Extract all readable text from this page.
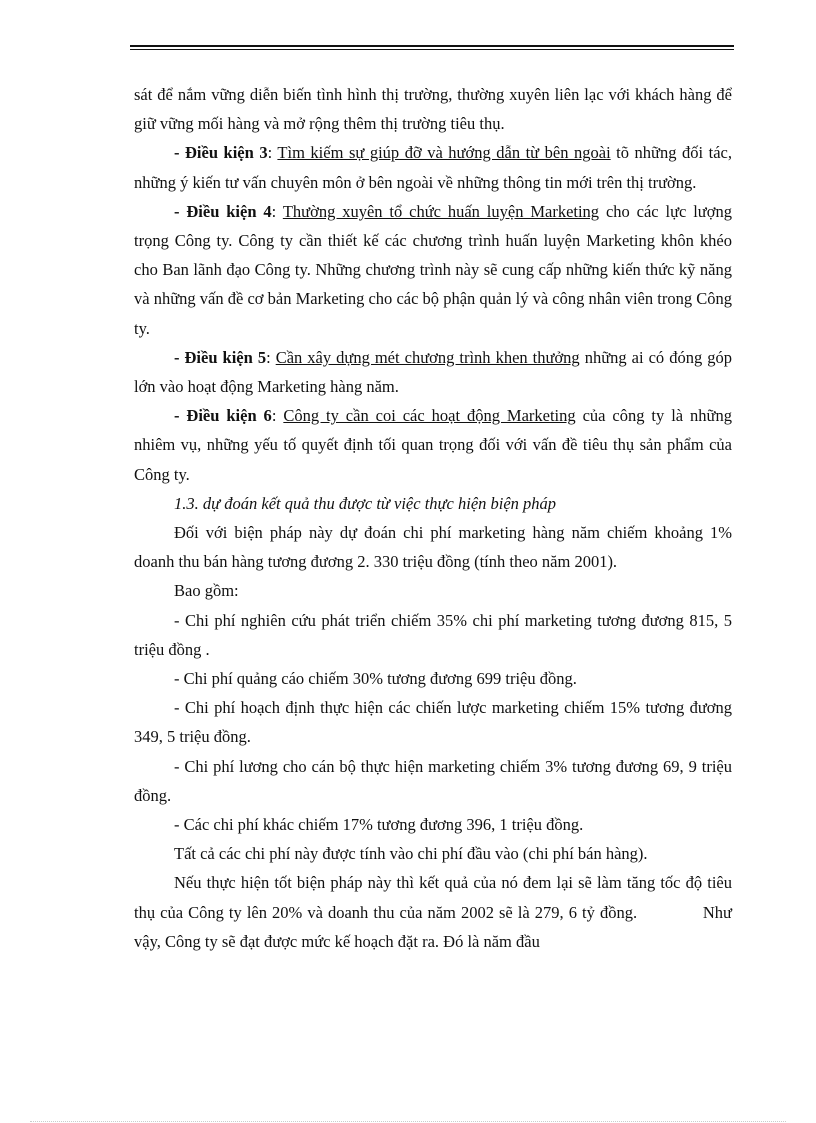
sát để nắm vững diễn biến tình hình thị trường, thường xuyên liên lạc với khách hàng để giữ vững mối hàng và mở rộng thêm thị trường tiêu thụ.

- Điều kiện 3: Tìm kiếm sự giúp đỡ và hướng dẫn từ bên ngoài tõ những đối tác, những ý kiến tư vấn chuyên môn ở bên ngoài về những thông tin mới trên thị trường.

- Điều kiện 4: Thường xuyên tổ chức huấn luyện Marketing cho các lực lượng trọng Công ty. Công ty cần thiết kế các chương trình huấn luyện Marketing khôn khéo cho Ban lãnh đạo Công ty. Những chương trình này sẽ cung cấp những kiến thức kỹ năng và những vấn đề cơ bản Marketing cho các bộ phận quản lý và công nhân viên trong Công ty.

- Điều kiện 5: Cần xây dựng mét chương trình khen thưởng những ai có đóng góp lớn vào hoạt động Marketing hàng năm.

- Điều kiện 6: Công ty cần coi các hoạt động Marketing của công ty là những nhiêm vụ, những yếu tố quyết định tối quan trọng đối với vấn đề tiêu thụ sản phẩm của Công ty.

1.3. dự đoán kết quả thu được từ việc thực hiện biện pháp

Đối với biện pháp này dự đoán chi phí marketing hàng năm chiếm khoảng 1% doanh thu bán hàng tương đương 2. 330 triệu đồng (tính theo năm 2001).

Bao gồm:

- Chi phí nghiên cứu phát triển chiếm 35% chi phí marketing tương đương 815, 5 triệu đồng .

- Chi phí quảng cáo chiếm 30% tương đương 699 triệu đồng.

- Chi phí hoạch định thực hiện các chiến lược marketing chiếm 15% tương đương 349, 5 triệu đồng.

- Chi phí lương cho cán bộ thực hiện marketing chiếm 3% tương đương 69, 9 triệu đồng.

- Các chi phí khác chiếm 17% tương đương 396, 1 triệu đồng.

Tất cả các chi phí này được tính vào chi phí đầu vào (chi phí bán hàng).

Nếu thực hiện tốt biện pháp này thì kết quả của nó đem lại sẽ làm tăng tốc độ tiêu thụ của Công ty lên 20% và doanh thu của năm 2002 sẽ là 279, 6 tỷ đồng.             Như vậy, Công ty sẽ đạt được mức kế hoạch đặt ra. Đó là năm đầu
